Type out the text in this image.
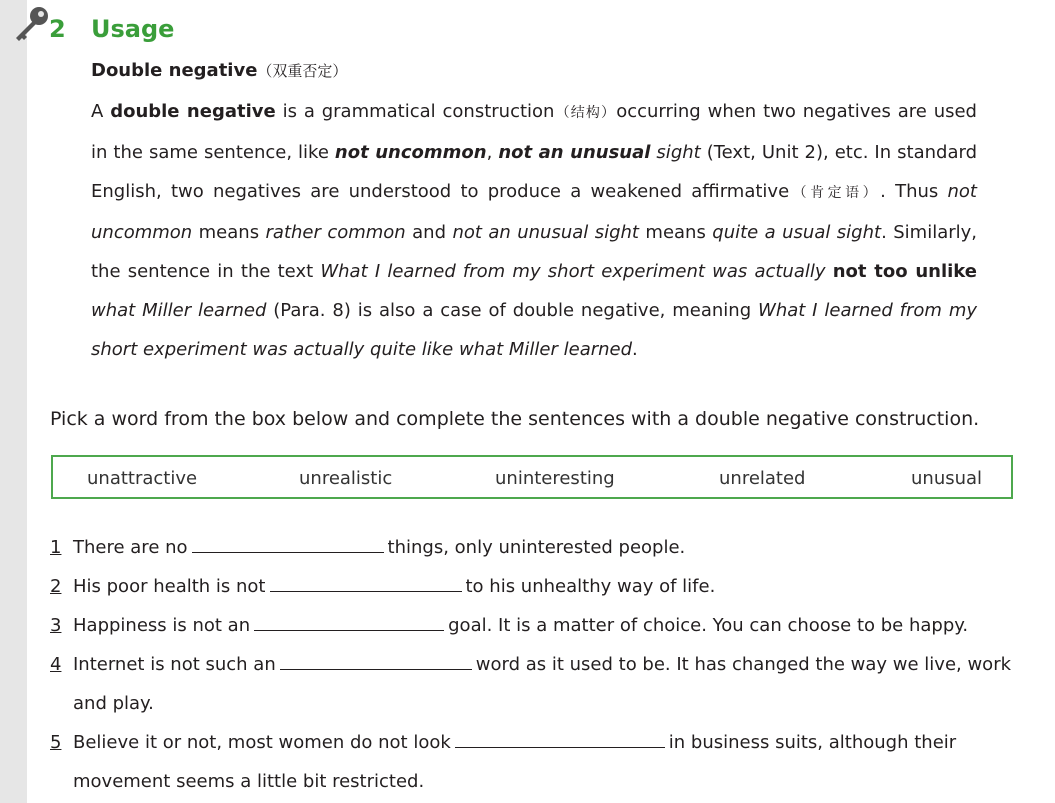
2 Usage
Double negative（双重否定）
A double negative is a grammatical construction（结构）occurring when two negatives are used in the same sentence, like not uncommon, not an unusual sight (Text, Unit 2), etc. In standard English, two negatives are understood to produce a weakened affirmative（肯定语）. Thus not uncommon means rather common and not an unusual sight means quite a usual sight. Similarly, the sentence in the text What I learned from my short experiment was actually not too unlike what Miller learned (Para. 8) is also a case of double negative, meaning What I learned from my short experiment was actually quite like what Miller learned.
Pick a word from the box below and complete the sentences with a double negative construction.
unattractive	unrealistic	uninteresting	unrelated	unusual
1 There are no	things, only uninterested people.
2 His poor health is not	to his unhealthy way of life.
3 Happiness is not an	goal. It is a matter of choice. You can choose to be happy.
4 Internet is not such an	word as it used to be. It has changed the way we live, work
and play.
5 Believe it or not, most women do not look	in business suits, although their
movement seems a little bit restricted.
